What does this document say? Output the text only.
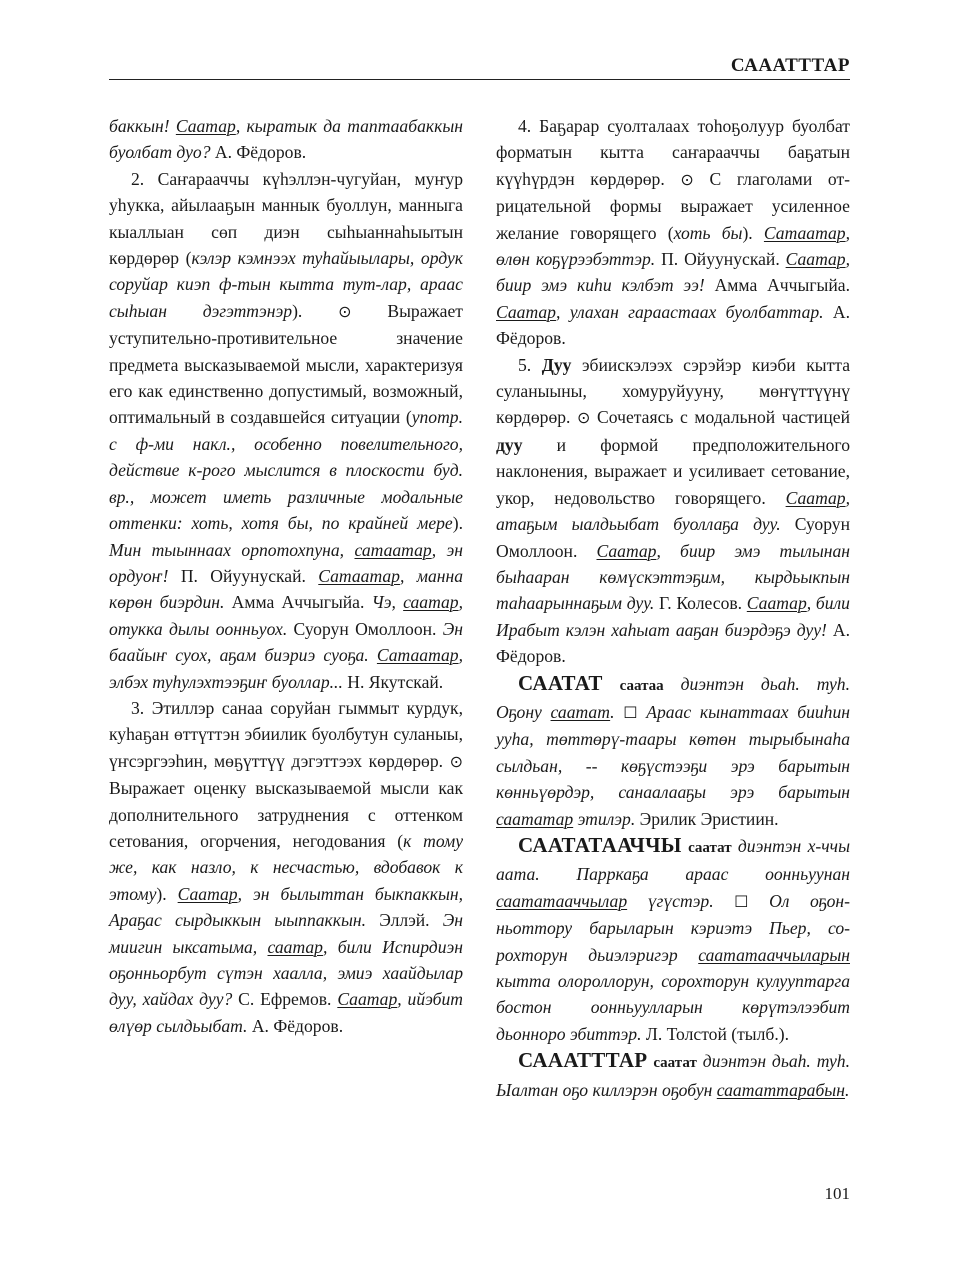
САААТТТАР

баккын! Саатар, кыратык да таптаабаккын буолбат дуо? А. Фёдоров.

2. Саҥарааччы күһэллэн-чугуйан, муҥур уһукка, айылааҕын маннык буоллун, манныга кыаллыан сөп диэн сыһыаннаһыытын көрдөрөр (кэлэр кэмнээх туһайыылары, ордук соруйар киэп ф-тын кытта тут-лар, араас сыһыан дэгэттэнэр). ⊙ Выражает уступительно-противительное значение предмета высказываемой мысли, характеризуя его как единственно допустимый, возможный, оптимальный в создавшейся ситуации (употр. с ф-ми накл., особенно повелительного, действие к-рого мыслится в плоскости буд. вр., может иметь различные модальные оттенки: хоть, хотя бы, по крайней мере). Мин тыыннаах орпотохпуна, сатаатар, эн ордуоҥ! П. Ойуунускай. Сатаатар, манна көрөн биэрдин. Амма Аччыгыйа. Чэ, саатар, отукка дылы оонньуох. Суорун Омоллоон. Эн баайыҥ суох, аҕам биэриэ суоҕа. Сатаатар, элбэх туһулэхтээҕиҥ буоллар... Н. Якутскай.

3. Этиллэр санаа соруйан гыммыт курдук, куһаҕан өттүттэн эбиилик буолбутун суланыы, үҥсэргээһин, мөҕүттүү дэгэттээх көрдөрөр. ⊙ Выражает оценку высказываемой мысли как дополнительного затруднения с оттенком сетования, огорчения, негодования (к тому же, как назло, к несчастью, вдобавок к этому). Саатар, эн былыттан быкпаккын, Араҕас сырдыккын ыыппаккын. Эллэй. Эн миигин ыксатыма, саатар, били Испирдиэн оҕонньорбут сүтэн хаалла, эмиэ хаайдылар дуу, хайдах дуу? С. Ефремов. Саатар, ийэбит өлүөр сылдьыбат. А. Фёдоров.

4. Баҕарар суолталаах тоһоҕолуур буолбат форматын кытта саҥарааччы баҕатын күүһүрдэн көрдөрөр. ⊙ С глаголами отрицательной формы выражает усиленное желание говорящего (хоть бы). Сатаатар, өлөн коҕүрээбэттэр. П. Ойуунускай. Саатар, биир эмэ киһи кэлбэт ээ! Амма Аччыгыйа. Саатар, улахан гараастаах буолбаттар. А. Фёдоров.

5. Дуу эбиискэлээх сэрэйэр киэби кытта суланыыны, хомуруйууну, мөҥүттүүнү көрдөрөр. ⊙ Сочетаясь с модальной частицей дуу и формой предположительного наклонения, выражает и усиливает сетование, укор, недовольство говорящего. Саатар, атаҕым ыалдьыбат буоллаҕа дуу. Суорун Омоллоон. Саатар, биир эмэ тылынан быһааран көмүскэттэҕим, кырдьыкпын таһаарыннаҕым дуу. Г. Колесов. Саатар, били Ирабыт кэлэн хаһыат ааҕан биэрдэҕэ дуу! А. Фёдоров.

СААТАТ саатаа диэнтэн дьаһ. туһ. Оҕону саатат. ☐ Араас кынаттаах бииһин ууһа, төттөрү-таары көтөн тырыбынаһа сылдьан, -- көҕүстээҕи эрэ барытын көнньүөрдэр, санаалааҕы эрэ барытын саататар этилэр. Эрилик Эристиин.

СААТАТААЧЧЫ саатат диэнтэн х-ччы аата. Парркаҕа араас оонньуунан саататааччылар үгүстэр. ☐ Ол оҕонньоттору барыларын кэриэтэ Пьер, сорохторун дьиэлэригэр саататааччыларын кытта олороллорун, сорохторун кулууптарга бостон оонньуулларын көрүтэлээбит дьонноро эбиттэр. Л. Толстой (тылб.).

САААТТТАР саатат диэнтэн дьаһ. туһ. Ыалтан оҕо киллэрэн оҕобун саататтарабын.

101
